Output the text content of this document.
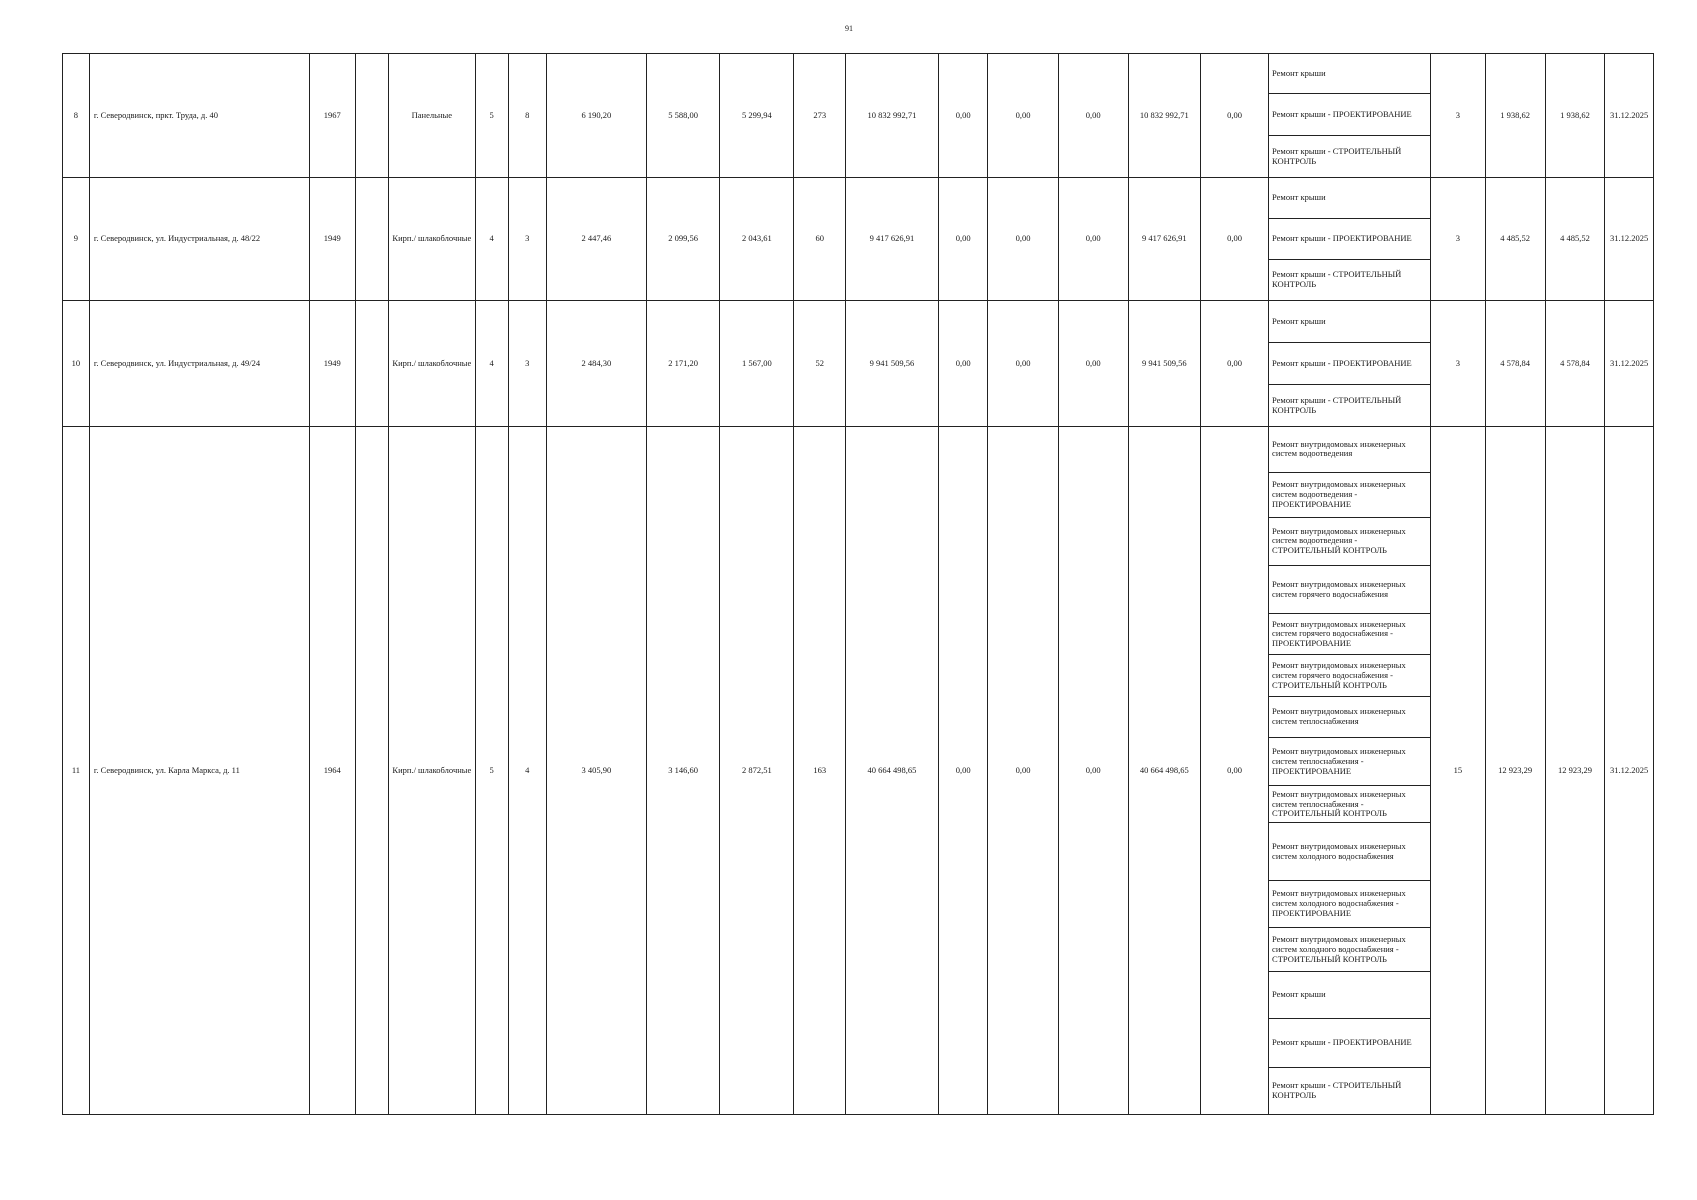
91
8	г. Северодвинск, пркт. Труда, д. 40	1967		Панельные	5	8	6 190,20	5 588,00	5 299,94	273	10 832 992,71	0,00	0,00	0,00	10 832 992,71	0,00	Ремонт крыши	3	1 938,62	1 938,62	31.12.2025
																	Ремонт крыши - ПРОЕКТИРОВАНИЕ				
																	Ремонт крыши - СТРОИТЕЛЬНЫЙ КОНТРОЛЬ				
9	г. Северодвинск, ул. Индустриальная, д. 48/22	1949		Кирп./ шлакоблочные	4	3	2 447,46	2 099,56	2 043,61	60	9 417 626,91	0,00	0,00	0,00	9 417 626,91	0,00	Ремонт крыши	3	4 485,52	4 485,52	31.12.2025
																	Ремонт крыши - ПРОЕКТИРОВАНИЕ				
																	Ремонт крыши - СТРОИТЕЛЬНЫЙ КОНТРОЛЬ				
10	г. Северодвинск, ул. Индустриальная, д. 49/24	1949		Кирп./ шлакоблочные	4	3	2 484,30	2 171,20	1 567,00	52	9 941 509,56	0,00	0,00	0,00	9 941 509,56	0,00	Ремонт крыши	3	4 578,84	4 578,84	31.12.2025
																	Ремонт крыши - ПРОЕКТИРОВАНИЕ				
																	Ремонт крыши - СТРОИТЕЛЬНЫЙ КОНТРОЛЬ				
11	г. Северодвинск, ул. Карла Маркса, д. 11	1964		Кирп./ шлакоблочные	5	4	3 405,90	3 146,60	2 872,51	163	40 664 498,65	0,00	0,00	0,00	40 664 498,65	0,00	Ремонт внутридомовых инженерных систем водоотведения	15	12 923,29	12 923,29	31.12.2025
																	Ремонт внутридомовых инженерных систем водоотведения - ПРОЕКТИРОВАНИЕ				
																	Ремонт внутридомовых инженерных систем водоотведения - СТРОИТЕЛЬНЫЙ КОНТРОЛЬ				
																	Ремонт внутридомовых инженерных систем горячего водоснабжения				
																	Ремонт внутридомовых инженерных систем горячего водоснабжения - ПРОЕКТИРОВАНИЕ				
																	Ремонт внутридомовых инженерных систем горячего водоснабжения - СТРОИТЕЛЬНЫЙ КОНТРОЛЬ				
																	Ремонт внутридомовых инженерных систем теплоснабжения				
																	Ремонт внутридомовых инженерных систем теплоснабжения - ПРОЕКТИРОВАНИЕ				
																	Ремонт внутридомовых инженерных систем теплоснабжения - СТРОИТЕЛЬНЫЙ КОНТРОЛЬ				
																	Ремонт внутридомовых инженерных систем холодного водоснабжения				
																	Ремонт внутридомовых инженерных систем холодного водоснабжения - ПРОЕКТИРОВАНИЕ				
																	Ремонт внутридомовых инженерных систем холодного водоснабжения - СТРОИТЕЛЬНЫЙ КОНТРОЛЬ				
																	Ремонт крыши				
																	Ремонт крыши - ПРОЕКТИРОВАНИЕ				
																	Ремонт крыши - СТРОИТЕЛЬНЫЙ КОНТРОЛЬ				
